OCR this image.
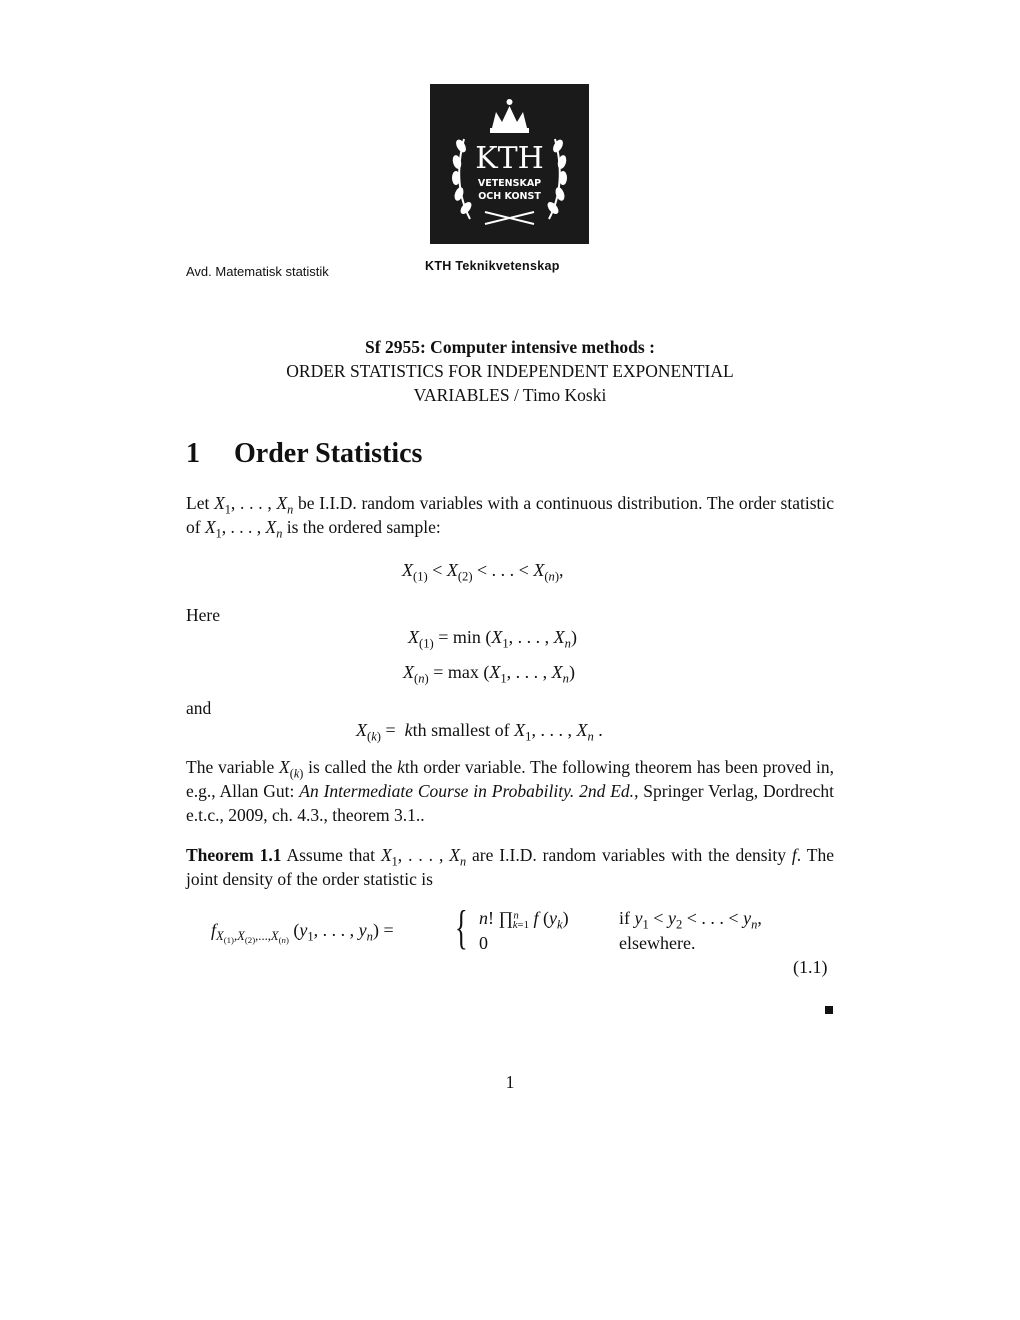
KTH
VETENSKAP
OCH KONST
Avd. Matematisk statistik	KTH Teknikvetenskap
Sf 2955: Computer intensive methods :
ORDER STATISTICS FOR INDEPENDENT EXPONENTIAL
VARIABLES / Timo Koski
1 Order Statistics
Let $X_1$, . . . , $X_n$ be I.I.D. random variables with a continuous distribution. The order statistic of $X_1$, . . . , $X_n$ is the ordered sample:
$X_{(1)} < X_{(2)}$ < . . . < $X_{(n)}$,
Here
$X_{(1)} = \min (X_1$, . . . , $X_n$)
$X_{(n)} = \max (X_1$, . . . , $X_n$)
and
$X_{(k)}$ =  kth smallest of $X_1$, . . . , $X_n$ .
The variable $X_{(k)}$ is called the kth order variable. The following theorem has been proved in, e.g., Allan Gut: An Intermediate Course in Probability. 2nd Ed., Springer Verlag, Dordrecht e.t.c., 2009, ch. 4.3., theorem 3.1..
Theorem 1.1 Assume that $X_1$, . . . , $X_n$ are I.I.D. random variables with the density f. The joint density of the order statistic is
$f_{X_{(1)},X_{(2)},...,X_{(n)}}$ ($y_1$, . . . , $y_n$) = { n! ∏$^n_{k=1}$ f $(y_k)$	if $y_1 < y_2$ < . . . < $y_n$,
0	elsewhere.
(1.1)
1
